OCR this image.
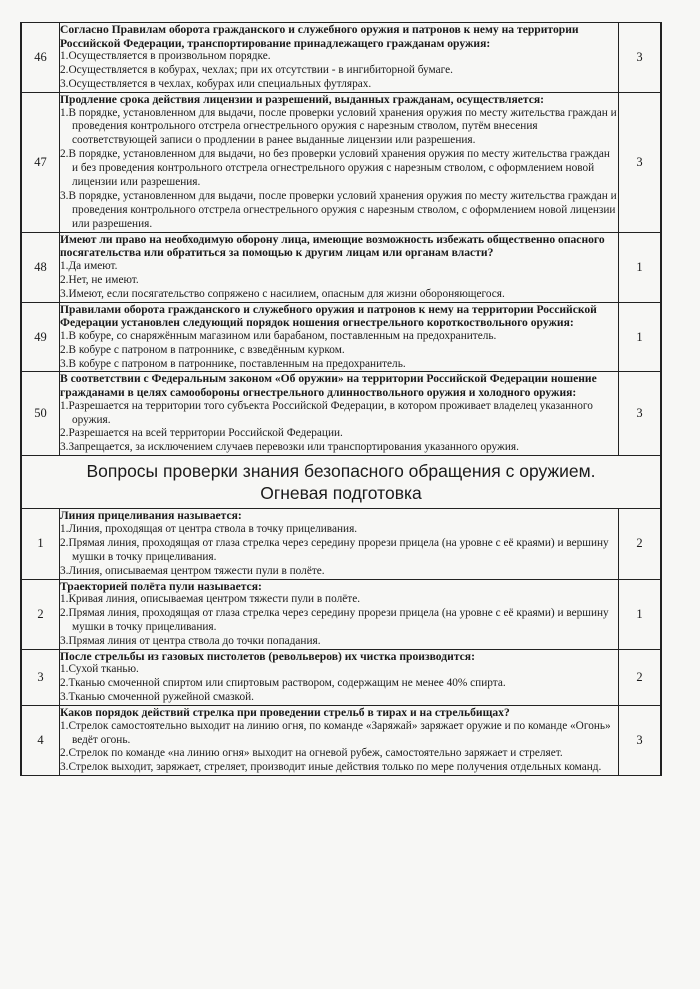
46	Согласно Правилам оборота гражданского и служебного оружия и патронов к нему на территории Российской Федерации, транспортирование принадлежащего гражданам оружия:
1.Осуществляется в произвольном порядке.
2.Осуществляется в кобурах, чехлах; при их отсутствии - в ингибиторной бумаге.
3.Осуществляется в чехлах, кобурах или специальных футлярах.	3
47	Продление срока действия лицензии и разрешений, выданных гражданам, осуществляется:
1.В порядке, установленном для выдачи, после проверки условий хранения оружия по месту жительства граждан и проведения контрольного отстрела огнестрельного оружия с нарезным стволом, путём внесения соответствующей записи о продлении в ранее выданные лицензии или разрешения.
2.В порядке, установленном для выдачи, но без проверки условий хранения оружия по месту жительства граждан и без проведения контрольного отстрела огнестрельного оружия с нарезным стволом, с оформлением новой лицензии или разрешения.
3.В порядке, установленном для выдачи, после проверки условий хранения оружия по месту жительства граждан и проведения контрольного отстрела огнестрельного оружия с нарезным стволом, с оформлением новой лицензии или разрешения.	3
48	Имеют ли право на необходимую оборону лица, имеющие возможность избежать общественно опасного посягательства или обратиться за помощью к другим лицам или органам власти?
1.Да имеют.
2.Нет, не имеют.
3.Имеют, если посягательство сопряжено с насилием, опасным для жизни обороняющегося.	1
49	Правилами оборота гражданского и служебного оружия и патронов к нему на территории Российской Федерации установлен следующий порядок ношения огнестрельного короткоствольного оружия:
1.В кобуре, со снаряжённым магазином или барабаном, поставленным на предохранитель.
2.В кобуре с патроном в патроннике, с взведённым курком.
3.В кобуре с патроном в патроннике, поставленным на предохранитель.	1
50	В соответствии с Федеральным законом «Об оружии» на территории Российской Федерации ношение гражданами в целях самообороны огнестрельного длинноствольного оружия и холодного оружия:
1.Разрешается на территории того субъекта Российской Федерации, в котором проживает владелец указанного оружия.
2.Разрешается на всей территории Российской Федерации.
3.Запрещается, за исключением случаев перевозки или транспортирования указанного оружия.	3

Вопросы проверки знания безопасного обращения с оружием.
Огневая подготовка		

1	Линия прицеливания называется:
1.Линия, проходящая от центра ствола в точку прицеливания.
2.Прямая линия, проходящая от глаза стрелка через середину прорези прицела (на уровне с её краями) и вершину мушки в точку прицеливания.
3.Линия, описываемая центром тяжести пули в полёте.	2
2	Траекторией полёта пули называется:
1.Кривая линия, описываемая центром тяжести пули в полёте.
2.Прямая линия, проходящая от глаза стрелка через середину прорези прицела (на уровне с её краями) и вершину мушки в точку прицеливания.
3.Прямая линия от центра ствола до точки попадания.	1
3	После стрельбы из газовых пистолетов (револьверов) их чистка производится:
1.Сухой тканью.
2.Тканью смоченной спиртом или спиртовым раствором, содержащим не менее 40% спирта.
3.Тканью смоченной ружейной смазкой.	2
4	Каков порядок действий стрелка при проведении стрельб в тирах и на стрельбищах?
1.Стрелок самостоятельно выходит на линию огня, по команде «Заряжай» заряжает оружие и по команде «Огонь» ведёт огонь.
2.Стрелок по команде «на линию огня» выходит на огневой рубеж, самостоятельно заряжает и стреляет.
3.Стрелок выходит, заряжает, стреляет, производит иные действия только по мере получения отдельных команд.	3
